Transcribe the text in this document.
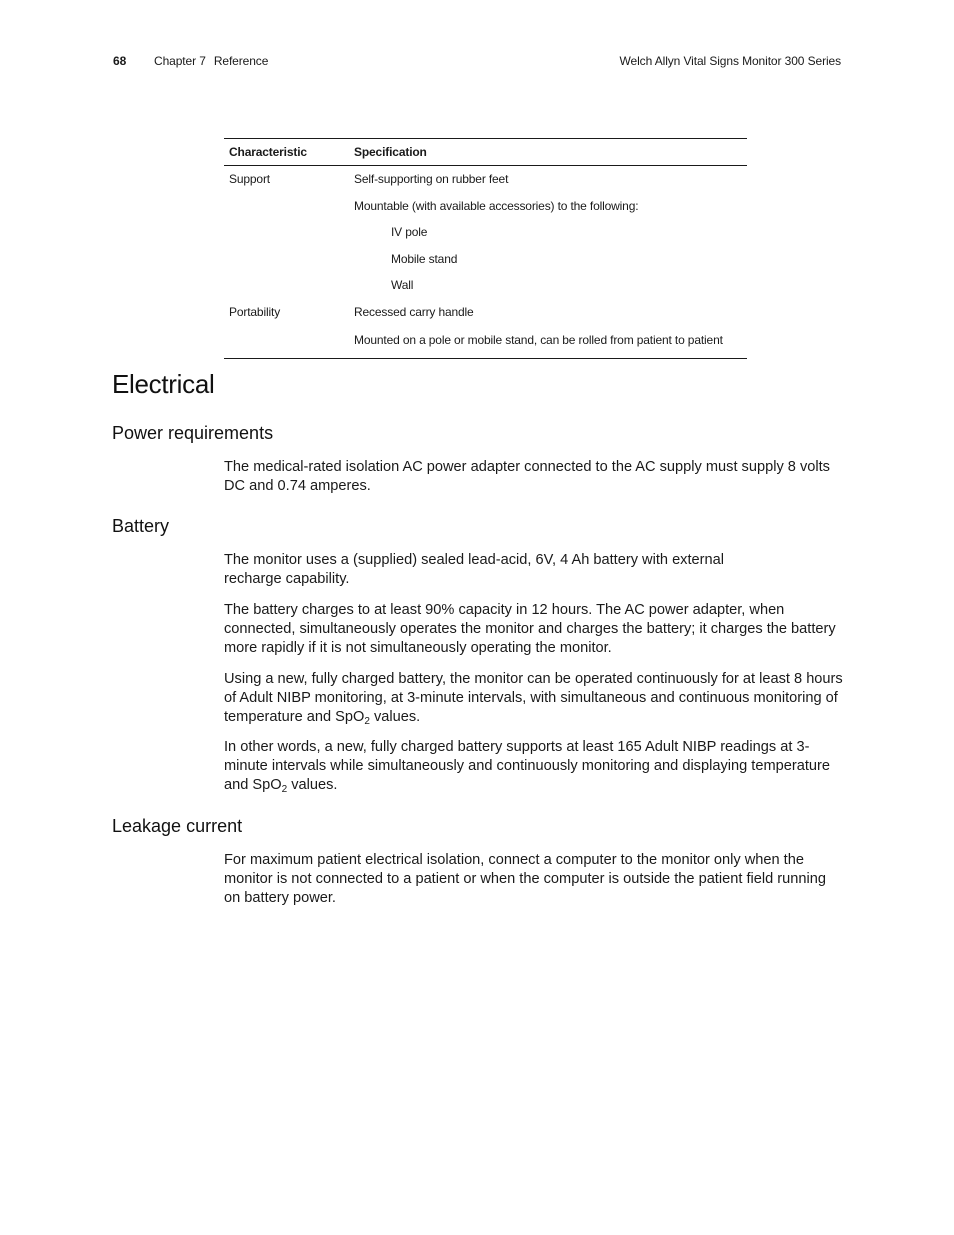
68 Chapter 7 Reference	Welch Allyn Vital Signs Monitor 300 Series
Characteristic	Specification
Support	Self-supporting on rubber feet
	Mountable (with available accessories) to the following:
	IV pole
	Mobile stand
	Wall
Portability	Recessed carry handle
	Mounted on a pole or mobile stand, can be rolled from patient to patient
Electrical
Power requirements

The medical-rated isolation AC power adapter connected to the AC supply must supply 8 volts DC and 0.74 amperes.

Battery

The monitor uses a (supplied) sealed lead-acid, 6V, 4 Ah battery with external
recharge capability.

The battery charges to at least 90% capacity in 12 hours. The AC power adapter, when connected, simultaneously operates the monitor and charges the battery; it charges the battery more rapidly if it is not simultaneously operating the monitor.

Using a new, fully charged battery, the monitor can be operated continuously for at least 8 hours of Adult NIBP monitoring, at 3-minute intervals, with simultaneous and continuous monitoring of temperature and SpO$_2$ values.

In other words, a new, fully charged battery supports at least 165 Adult NIBP readings at 3-minute intervals while simultaneously and continuously monitoring and displaying temperature and SpO$_2$ values.

Leakage current

For maximum patient electrical isolation, connect a computer to the monitor only when the monitor is not connected to a patient or when the computer is outside the patient field running on battery power.
